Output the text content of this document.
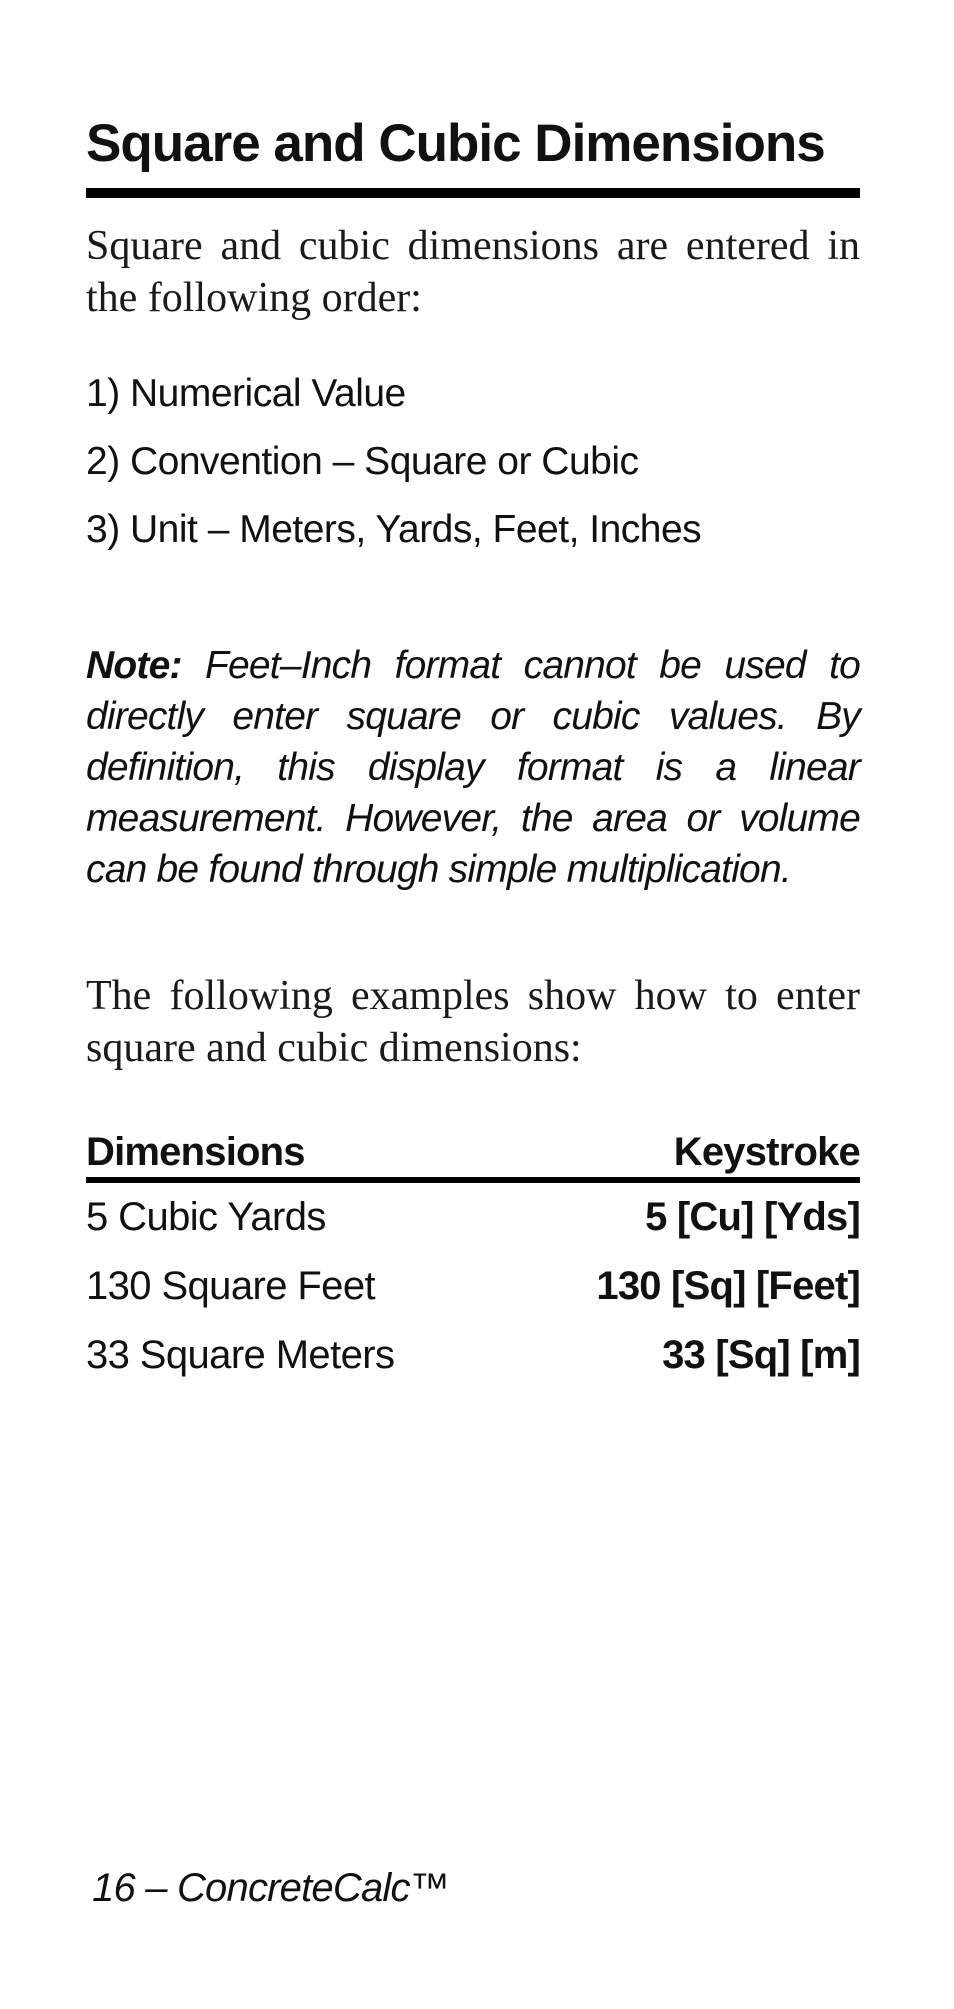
Square and Cubic Dimensions

Square and cubic dimensions are entered in the following order:

1) Numerical Value
2) Convention – Square or Cubic
3) Unit – Meters, Yards, Feet, Inches

Note: Feet–Inch format cannot be used to directly enter square or cubic values. By definition, this display format is a linear measurement. However, the area or volume can be found through simple multiplication.

The following examples show how to enter square and cubic dimensions:

Dimensions	Keystroke
5 Cubic Yards	5 [Cu] [Yds]
130 Square Feet	130 [Sq] [Feet]
33 Square Meters	33 [Sq] [m]

16 – ConcreteCalc™
